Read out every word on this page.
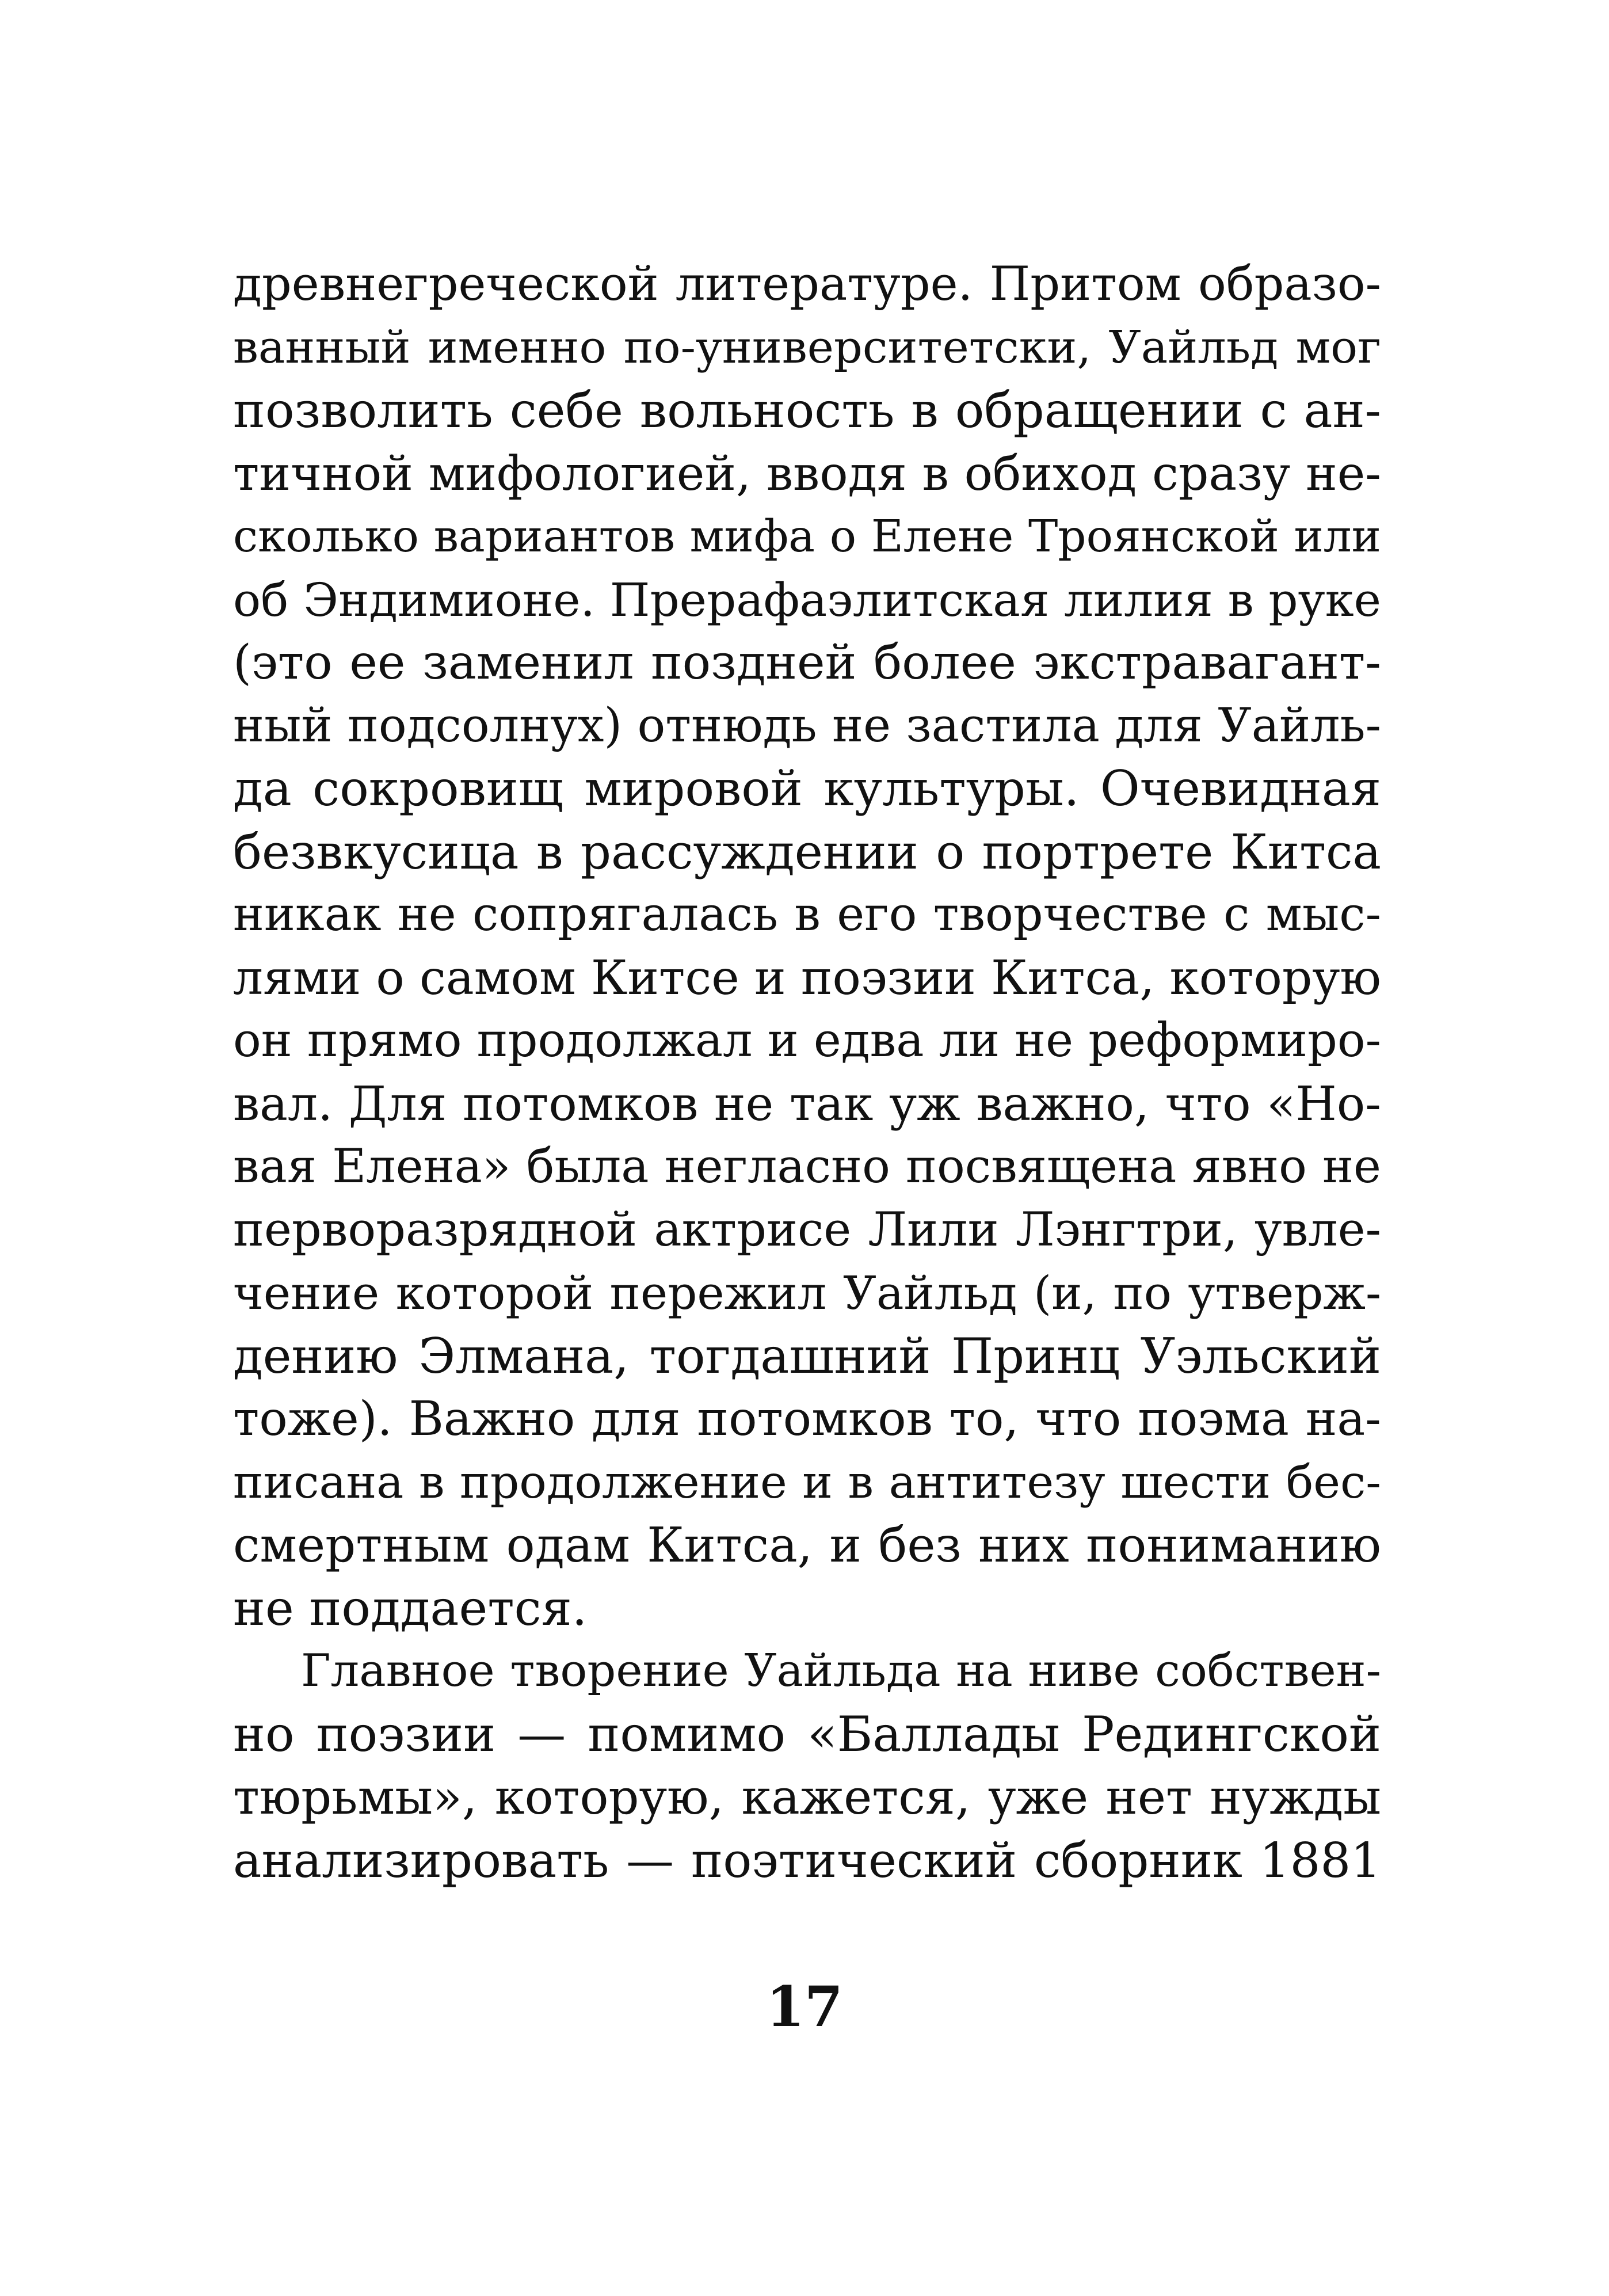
древнегреческой литературе. Притом образо-
ванный именно по-университетски, Уайльд мог
позволить себе вольность в обращении с ан-
тичной мифологией, вводя в обиход сразу не-
сколько вариантов мифа о Елене Троянской или
об Эндимионе. Прерафаэлитская лилия в руке
(это ее заменил поздней более экстравагант-
ный подсолнух) отнюдь не застила для Уайль-
да сокровищ мировой культуры. Очевидная
безвкусица в рассуждении о портрете Китса
никак не сопрягалась в его творчестве с мыс-
лями о самом Китсе и поэзии Китса, которую
он прямо продолжал и едва ли не реформиро-
вал. Для потомков не так уж важно, что «Но-
вая Елена» была негласно посвящена явно не
перворазрядной актрисе Лили Лэнгтри, увле-
чение которой пережил Уайльд (и, по утверж-
дению Элмана, тогдашний Принц Уэльский
тоже). Важно для потомков то, что поэма на-
писана в продолжение и в антитезу шести бес-
смертным одам Китса, и без них пониманию
не поддается.
Главное творение Уайльда на ниве собствен-
но поэзии — помимо «Баллады Редингской
тюрьмы», которую, кажется, уже нет нужды
анализировать — поэтический сборник 1881
17
